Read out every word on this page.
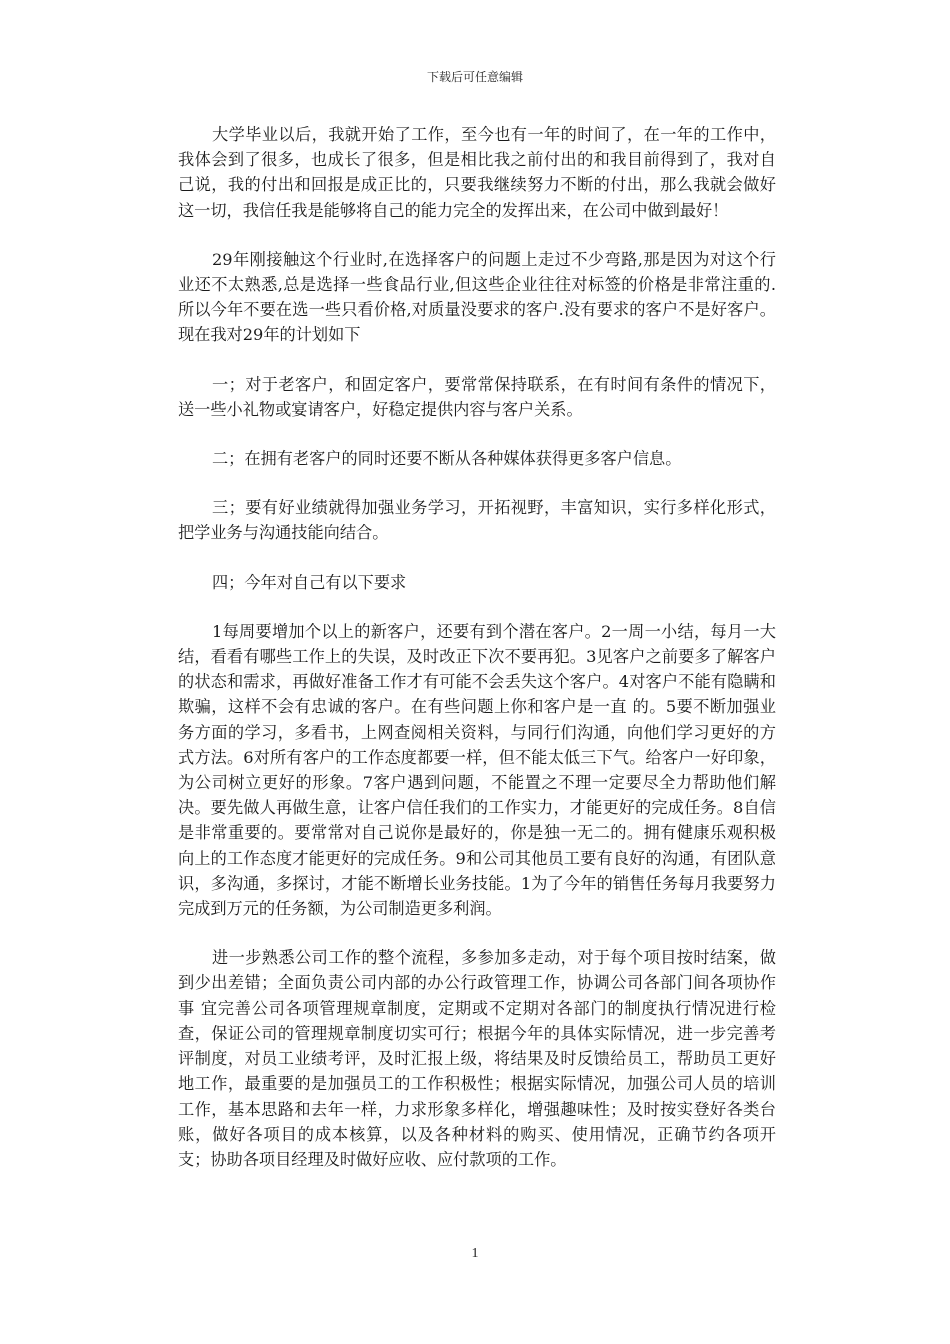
下载后可任意编辑

大学毕业以后，我就开始了工作，至今也有一年的时间了，在一年的工作中，我体会到了很多，也成长了很多，但是相比我之前付出的和我目前得到了，我对自己说，我的付出和回报是成正比的，只要我继续努力不断的付出，那么我就会做好这一切，我信任我是能够将自己的能力完全的发挥出来，在公司中做到最好！

29年刚接触这个行业时,在选择客户的问题上走过不少弯路,那是因为对这个行业还不太熟悉,总是选择一些食品行业,但这些企业往往对标签的价格是非常注重的.所以今年不要在选一些只看价格,对质量没要求的客户.没有要求的客户不是好客户。 现在我对29年的计划如下

一；对于老客户，和固定客户，要常常保持联系，在有时间有条件的情况下，送一些小礼物或宴请客户，好稳定提供内容与客户关系。

二；在拥有老客户的同时还要不断从各种媒体获得更多客户信息。

三；要有好业绩就得加强业务学习，开拓视野，丰富知识，实行多样化形式，把学业务与沟通技能向结合。

四；今年对自己有以下要求

1每周要增加个以上的新客户，还要有到个潜在客户。2一周一小结，每月一大结，看看有哪些工作上的失误，及时改正下次不要再犯。3见客户之前要多了解客户的状态和需求，再做好准备工作才有可能不会丢失这个客户。4对客户不能有隐瞒和欺骗，这样不会有忠诚的客户。在有些问题上你和客户是一直 的。5要不断加强业务方面的学习，多看书，上网查阅相关资料，与同行们沟通，向他们学习更好的方式方法。6对所有客户的工作态度都要一样，但不能太低三下气。给客户一好印象，为公司树立更好的形象。7客户遇到问题，不能置之不理一定要尽全力帮助他们解决。要先做人再做生意，让客户信任我们的工作实力，才能更好的完成任务。8自信是非常重要的。要常常对自己说你是最好的，你是独一无二的。拥有健康乐观积极向上的工作态度才能更好的完成任务。9和公司其他员工要有良好的沟通，有团队意识，多沟通，多探讨，才能不断增长业务技能。1为了今年的销售任务每月我要努力完成到万元的任务额，为公司制造更多利润。

进一步熟悉公司工作的整个流程，多参加多走动，对于每个项目按时结案，做到少出差错；全面负责公司内部的办公行政管理工作，协调公司各部门间各项协作事 宜完善公司各项管理规章制度，定期或不定期对各部门的制度执行情况进行检查，保证公司的管理规章制度切实可行；根据今年的具体实际情况，进一步完善考评制度，对员工业绩考评，及时汇报上级，将结果及时反馈给员工，帮助员工更好地工作，最重要的是加强员工的工作积极性；根据实际情况，加强公司人员的培训工作，基本思路和去年一样，力求形象多样化，增强趣味性；及时按实登好各类台账，做好各项目的成本核算，以及各种材料的购买、使用情况，正确节约各项开支；协助各项目经理及时做好应收、应付款项的工作。

1
